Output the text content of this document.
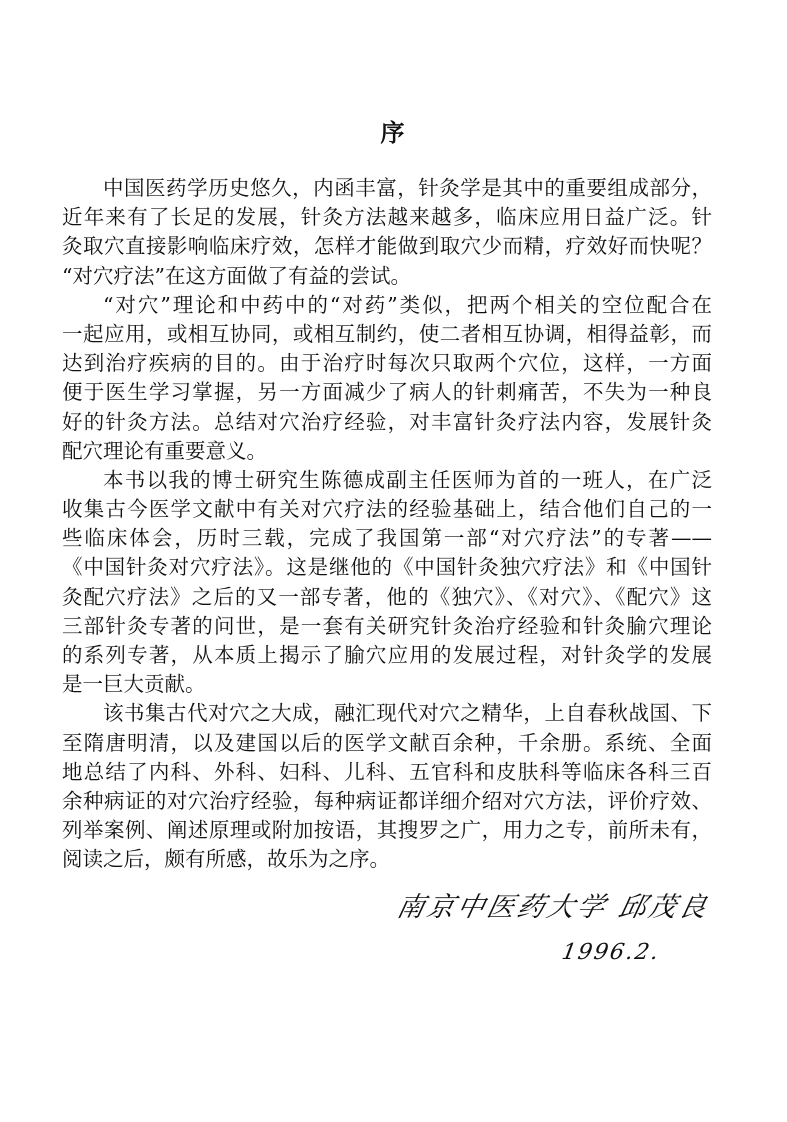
序
中国医药学历史悠久，内函丰富，针灸学是其中的重要组成部分，
近年来有了长足的发展，针灸方法越来越多，临床应用日益广泛。针
灸取穴直接影响临床疗效，怎样才能做到取穴少而精，疗效好而快呢？
“对穴疗法”在这方面做了有益的尝试。
“对穴”理论和中药中的“对药”类似，把两个相关的空位配合在
一起应用，或相互协同，或相互制约，使二者相互协调，相得益彰，而
达到治疗疾病的目的。由于治疗时每次只取两个穴位，这样，一方面
便于医生学习掌握，另一方面减少了病人的针刺痛苦，不失为一种良
好的针灸方法。总结对穴治疗经验，对丰富针灸疗法内容，发展针灸
配穴理论有重要意义。
本书以我的博士研究生陈德成副主任医师为首的一班人，在广泛
收集古今医学文献中有关对穴疗法的经验基础上，结合他们自己的一
些临床体会，历时三载，完成了我国第一部“对穴疗法”的专著——
《中国针灸对穴疗法》。这是继他的《中国针灸独穴疗法》和《中国针
灸配穴疗法》之后的又一部专著，他的《独穴》、《对穴》、《配穴》这
三部针灸专著的问世，是一套有关研究针灸治疗经验和针灸腧穴理论
的系列专著，从本质上揭示了腧穴应用的发展过程，对针灸学的发展
是一巨大贡献。
该书集古代对穴之大成，融汇现代对穴之精华，上自春秋战国、下
至隋唐明清，以及建国以后的医学文献百余种，千余册。系统、全面
地总结了内科、外科、妇科、儿科、五官科和皮肤科等临床各科三百
余种病证的对穴治疗经验，每种病证都详细介绍对穴方法，评价疗效、
列举案例、阐述原理或附加按语，其搜罗之广，用力之专，前所未有，
阅读之后，颇有所感，故乐为之序。
南京中医药大学 邱茂良
1996.2.
